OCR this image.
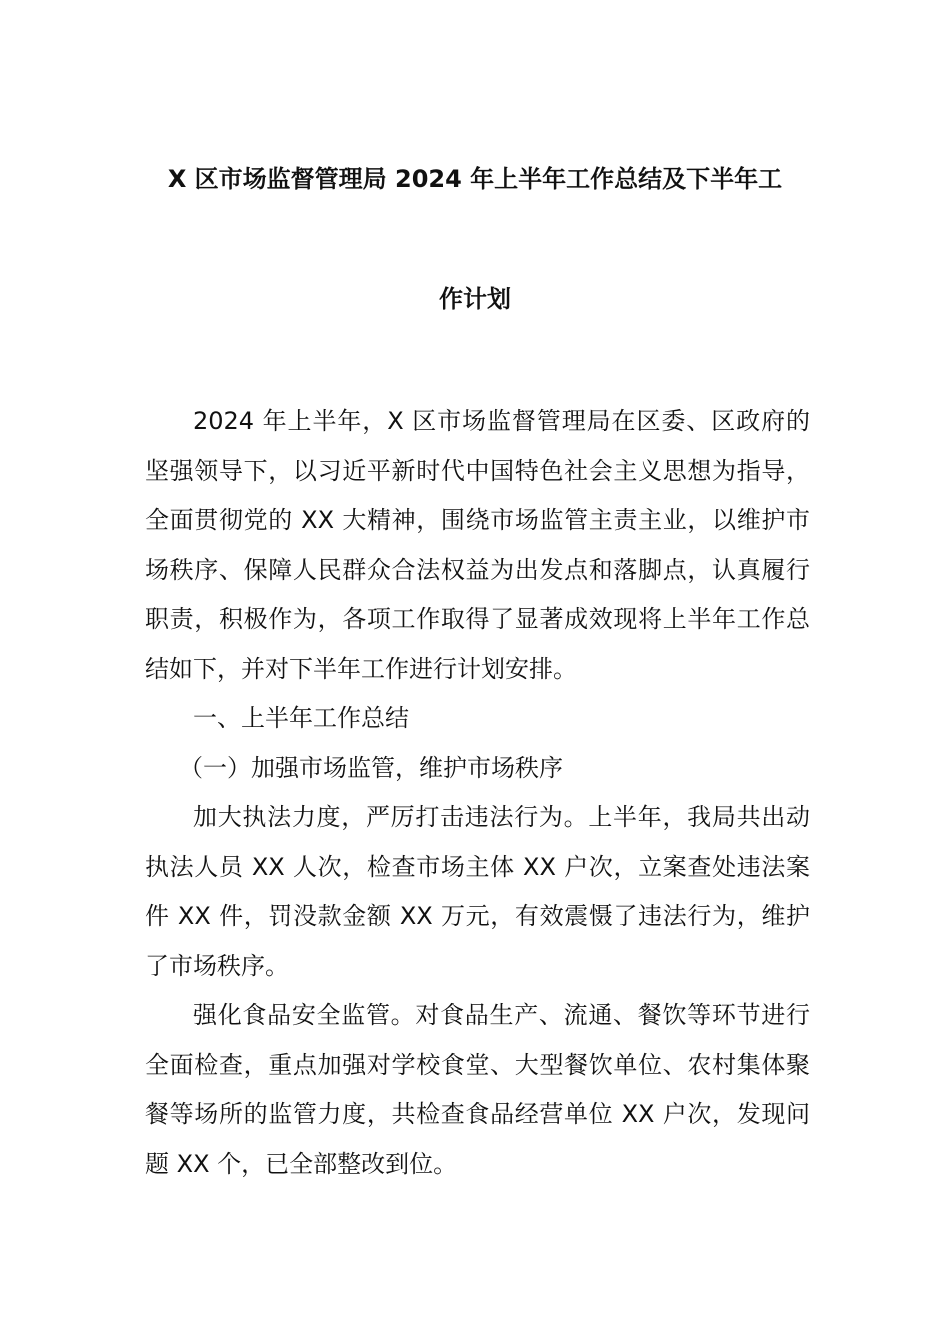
X 区市场监督管理局 2024 年上半年工作总结及下半年工
作计划

2024 年上半年，X 区市场监督管理局在区委、区政府的坚强领导下，以习近平新时代中国特色社会主义思想为指导，全面贯彻党的 XX 大精神，围绕市场监管主责主业，以维护市场秩序、保障人民群众合法权益为出发点和落脚点，认真履行职责，积极作为，各项工作取得了显著成效现将上半年工作总结如下，并对下半年工作进行计划安排。

一、上半年工作总结

（一）加强市场监管，维护市场秩序

加大执法力度，严厉打击违法行为。上半年，我局共出动执法人员 XX 人次，检查市场主体 XX 户次，立案查处违法案件 XX 件，罚没款金额 XX 万元，有效震慑了违法行为，维护了市场秩序。

强化食品安全监管。对食品生产、流通、餐饮等环节进行全面检查，重点加强对学校食堂、大型餐饮单位、农村集体聚餐等场所的监管力度，共检查食品经营单位 XX 户次，发现问题 XX 个，已全部整改到位。
